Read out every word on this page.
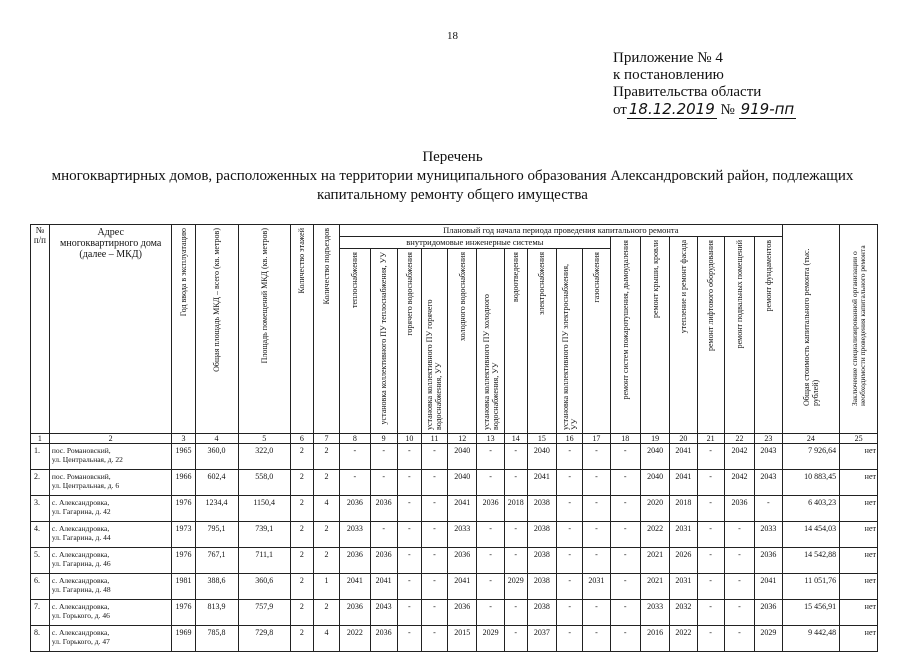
18
Приложение № 4
к постановлению
Правительства области
от 18.12.2019 № 919-пп
Перечень
многоквартирных домов, расположенных на территории муниципального образования Александровский район, подлежащих
капитальному ремонту общего имущества
№ п/п	Адрес многоквартирного дома (далее – МКД)	Год ввода в эксплуатацию	Общая площадь МКД – всего (кв. метров)	Площадь помещений МКД (кв. метров)	Количество этажей	Количество подъездов	Плановый год начала периода проведения капитального ремонта																Общая стоимость капитального ремонта (тыс. рублей)	Заключение специализированной организации о необходимости проведения капитального ремонта

							внутридомовые инженерные системы										ремонт систем пожаротушения, дымоудаления	ремонт крыши, кровли	утепление и ремонт фасада	ремонт лифтового оборудования	ремонт подвальных помещений	ремонт фундаментов		

							теплоснабжения	установка коллективного ПУ теплоснабжения, УУ	горячего водоснабжения	установка коллективного ПУ горячего водоснабжения, УУ	холодного водоснабжения	установка коллективного ПУ холодного водоснабжения, УУ	водоотведения	электроснабжения	установка коллективного ПУ электроснабжения, УУ	газоснабжения								

1	2	3	4	5	6	7	8	9	10	11	12	13	14	15	16	17	18	19	20	21	22	23	24	25
1.	пос. Романовский,
ул. Центральная, д. 22	1965	360,0	322,0	2	2	-	-	-	-	2040	-	-	2040	-	-	-	2040	2041	-	2042	2043	7 926,64	нет
2.	пос. Романовский,
ул. Центральная, д. 6	1966	602,4	558,0	2	2	-	-	-	-	2040	-	-	2041	-	-	-	2040	2041	-	2042	2043	10 883,45	нет
3.	с. Александровка,
ул. Гагарина, д. 42	1976	1234,4	1150,4	2	4	2036	2036	-	-	2041	2036	2018	2038	-	-	-	2020	2018	-	2036	-	6 403,23	нет
4.	с. Александровка,
ул. Гагарина, д. 44	1973	795,1	739,1	2	2	2033	-	-	-	2033	-	-	2038	-	-	-	2022	2031	-	-	2033	14 454,03	нет
5.	с. Александровка,
ул. Гагарина, д. 46	1976	767,1	711,1	2	2	2036	2036	-	-	2036	-	-	2038	-	-	-	2021	2026	-	-	2036	14 542,88	нет
6.	с. Александровка,
ул. Гагарина, д. 48	1981	388,6	360,6	2	1	2041	2041	-	-	2041	-	2029	2038	-	2031	-	2021	2031	-	-	2041	11 051,76	нет
7.	с. Александровка,
ул. Горького, д. 46	1976	813,9	757,9	2	2	2036	2043	-	-	2036	-	-	2038	-	-	-	2033	2032	-	-	2036	15 456,91	нет
8.	с. Александровка,
ул. Горького, д. 47	1969	785,8	729,8	2	4	2022	2036	-	-	2015	2029	-	2037	-	-	-	2016	2022	-	-	2029	9 442,48	нет
